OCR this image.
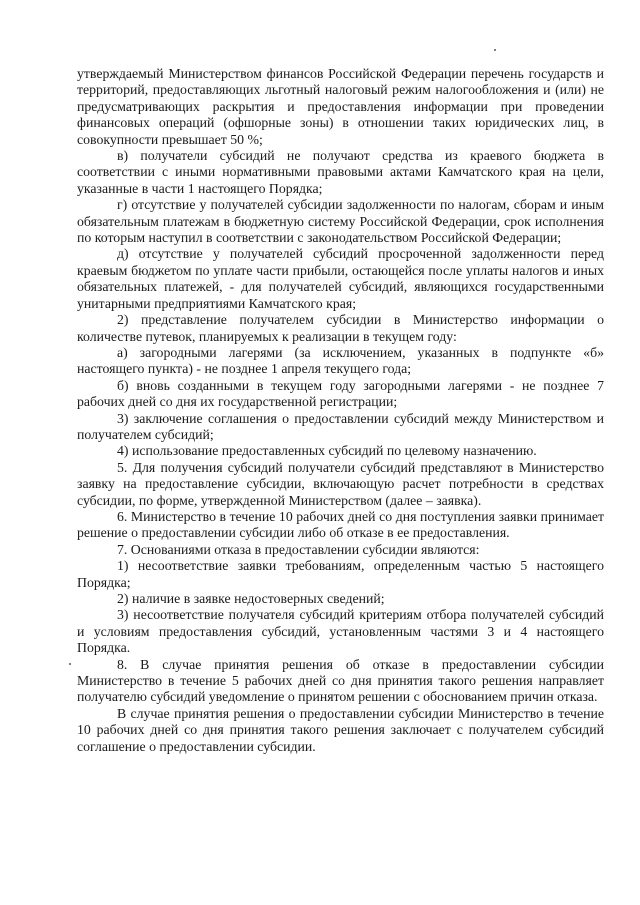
утверждаемый Министерством финансов Российской Федерации перечень государств и территорий, предоставляющих льготный налоговый режим налогообложения и (или) не предусматривающих раскрытия и предоставления информации при проведении финансовых операций (офшорные зоны) в отношении таких юридических лиц, в совокупности превышает 50 %;

в) получатели субсидий не получают средства из краевого бюджета в соответствии с иными нормативными правовыми актами Камчатского края на цели, указанные в части 1 настоящего Порядка;

г) отсутствие у получателей субсидии задолженности по налогам, сборам и иным обязательным платежам в бюджетную систему Российской Федерации, срок исполнения по которым наступил в соответствии с законодательством Российской Федерации;

д) отсутствие у получателей субсидий просроченной задолженности перед краевым бюджетом по уплате части прибыли, остающейся после уплаты налогов и иных обязательных платежей, - для получателей субсидий, являющихся государственными унитарными предприятиями Камчатского края;

2) представление получателем субсидии в Министерство информации о количестве путевок, планируемых к реализации в текущем году:

а) загородными лагерями (за исключением, указанных в подпункте «б» настоящего пункта) - не позднее 1 апреля текущего года;

б) вновь созданными в текущем году загородными лагерями - не позднее 7 рабочих дней со дня их государственной регистрации;

3) заключение соглашения о предоставлении субсидий между Министерством и получателем субсидий;

4) использование предоставленных субсидий по целевому назначению.

5. Для получения субсидий получатели субсидий представляют в Министерство заявку на предоставление субсидии, включающую расчет потребности в средствах субсидии, по форме, утвержденной Министерством (далее – заявка).

6. Министерство в течение 10 рабочих дней со дня поступления заявки принимает решение о предоставлении субсидии либо об отказе в ее предоставления.

7. Основаниями отказа в предоставлении субсидии являются:

1) несоответствие заявки требованиям, определенным частью 5 настоящего Порядка;

2) наличие в заявке недостоверных сведений;

3) несоответствие получателя субсидий критериям отбора получателей субсидий и условиям предоставления субсидий, установленным частями 3 и 4 настоящего Порядка.

8. В случае принятия решения об отказе в предоставлении субсидии Министерство в течение 5 рабочих дней со дня принятия такого решения направляет получателю субсидий уведомление о принятом решении с обоснованием причин отказа.

В случае принятия решения о предоставлении субсидии Министерство в течение 10 рабочих дней со дня принятия такого решения заключает с получателем субсидий соглашение о предоставлении субсидии.
